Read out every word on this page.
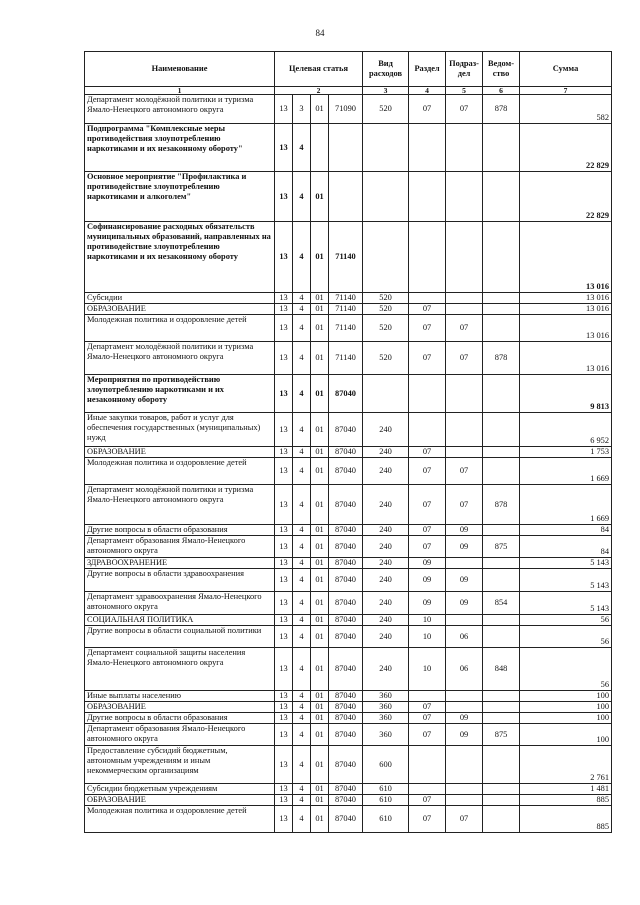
84
Наименование	Целевая статья				Вид расходов	Раздел	Подраз-дел	Ведом-ство	Сумма
1	2				3	4	5	6	7
Департамент молодёжной политики и туризма Ямало-Ненецкого автономного округа	13	3	01	71090	520	07	07	878	582
Подпрограмма "Комплексные меры противодействия злоупотреблению наркотиками и их незаконному обороту"	13	4							22 829
Основное мероприятие "Профилактика и противодействие злоупотреблению наркотиками и алкоголем"	13	4	01						22 829
Софинансирование расходных обязательств муниципальных образований, направленных на противодействие злоупотреблению наркотиками и их незаконному обороту	13	4	01	71140					13 016
Субсидии	13	4	01	71140	520				13 016
ОБРАЗОВАНИЕ	13	4	01	71140	520	07			13 016
Молодежная политика и оздоровление детей	13	4	01	71140	520	07	07		13 016
Департамент молодёжной политики и туризма Ямало-Ненецкого автономного округа	13	4	01	71140	520	07	07	878	13 016
Мероприятия по противодействию злоупотреблению наркотиками и их незаконному обороту	13	4	01	87040					9 813
Иные закупки товаров, работ и услуг для обеспечения государственных (муниципальных) нужд	13	4	01	87040	240				6 952
ОБРАЗОВАНИЕ	13	4	01	87040	240	07			1 753
Молодежная политика и оздоровление детей	13	4	01	87040	240	07	07		1 669
Департамент молодёжной политики и туризма Ямало-Ненецкого автономного округа	13	4	01	87040	240	07	07	878	1 669
Другие вопросы в области образования	13	4	01	87040	240	07	09		84
Департамент образования Ямало-Ненецкого автономного округа	13	4	01	87040	240	07	09	875	84
ЗДРАВООХРАНЕНИЕ	13	4	01	87040	240	09			5 143
Другие вопросы в области здравоохранения	13	4	01	87040	240	09	09		5 143
Департамент здравоохранения Ямало-Ненецкого автономного округа	13	4	01	87040	240	09	09	854	5 143
СОЦИАЛЬНАЯ ПОЛИТИКА	13	4	01	87040	240	10			56
Другие вопросы в области социальной политики	13	4	01	87040	240	10	06		56
Департамент социальной защиты населения Ямало-Ненецкого автономного округа	13	4	01	87040	240	10	06	848	56
Иные выплаты населению	13	4	01	87040	360				100
ОБРАЗОВАНИЕ	13	4	01	87040	360	07			100
Другие вопросы в области образования	13	4	01	87040	360	07	09		100
Департамент образования Ямало-Ненецкого автономного округа	13	4	01	87040	360	07	09	875	100
Предоставление субсидий бюджетным, автономным учреждениям и иным некоммерческим организациям	13	4	01	87040	600				2 761
Субсидии бюджетным учреждениям	13	4	01	87040	610				1 481
ОБРАЗОВАНИЕ	13	4	01	87040	610	07			885
Молодежная политика и оздоровление детей	13	4	01	87040	610	07	07		885
